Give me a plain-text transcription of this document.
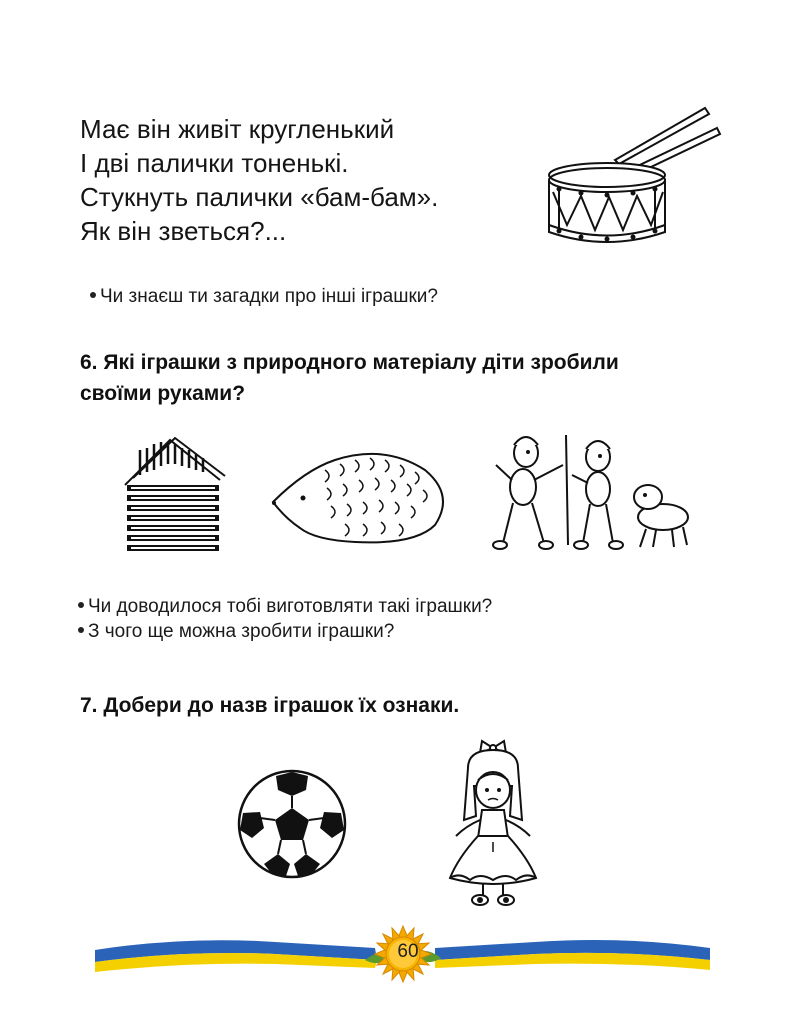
Має він живіт кругленький
І дві палички тоненькі.
Стукнуть палички «бам-бам».
Як він зветься?...
Чи знаєш ти загадки про інші іграшки?
6. Які іграшки з природного матеріалу діти зробили
своїми руками?
Чи доводилося тобі виготовляти такі іграшки?
З чого ще можна зробити іграшки?
7. Добери до назв іграшок їх ознаки.
60
